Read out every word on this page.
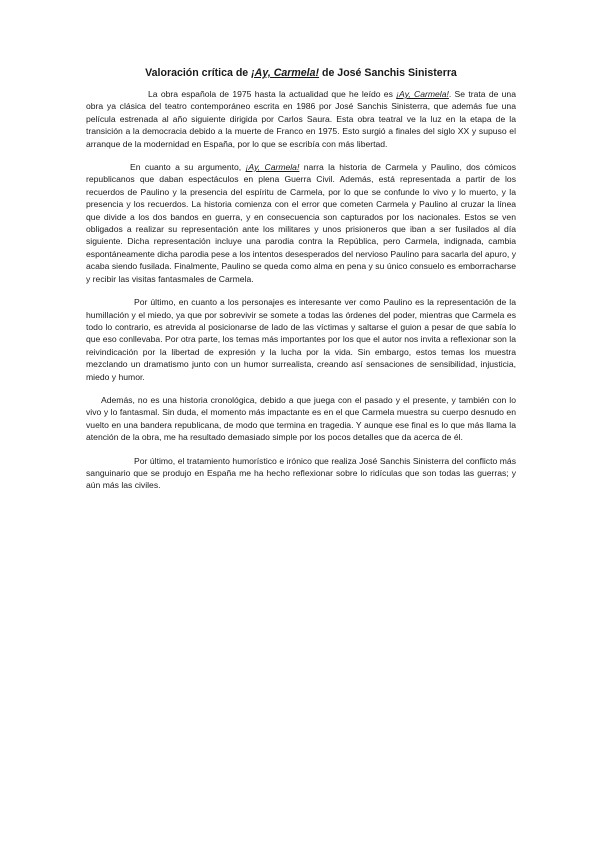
Valoración crítica de ¡Ay, Carmela! de José Sanchis Sinisterra

La obra española de 1975 hasta la actualidad que he leído es ¡Ay, Carmela!. Se trata de una obra ya clásica del teatro contemporáneo escrita en 1986 por José Sanchis Sinisterra, que además fue una película estrenada al año siguiente dirigida por Carlos Saura. Esta obra teatral ve la luz en la etapa de la transición a la democracia debido a la muerte de Franco en 1975. Esto surgió a finales del siglo XX y supuso el arranque de la modernidad en España, por lo que se escribía con más libertad.

En cuanto a su argumento, ¡Ay, Carmela! narra la historia de Carmela y Paulino, dos cómicos republicanos que daban espectáculos en plena Guerra Civil. Además, está representada a partir de los recuerdos de Paulino y la presencia del espíritu de Carmela, por lo que se confunde lo vivo y lo muerto, y la presencia y los recuerdos. La historia comienza con el error que cometen Carmela y Paulino al cruzar la línea que divide a los dos bandos en guerra, y en consecuencia son capturados por los nacionales. Estos se ven obligados a realizar su representación ante los militares y unos prisioneros que iban a ser fusilados al día siguiente. Dicha representación incluye una parodia contra la República, pero Carmela, indignada, cambia espontáneamente dicha parodia pese a los intentos desesperados del nervioso Paulino para sacarla del apuro, y acaba siendo fusilada. Finalmente, Paulino se queda como alma en pena y su único consuelo es emborracharse y recibir las visitas fantasmales de Carmela.

Por último, en cuanto a los personajes es interesante ver como Paulino es la representación de la humillación y el miedo, ya que por sobrevivir se somete a todas las órdenes del poder, mientras que Carmela es todo lo contrario, es atrevida al posicionarse de lado de las víctimas y saltarse el guion a pesar de que sabía lo que eso conllevaba. Por otra parte, los temas más importantes por los que el autor nos invita a reflexionar son la reivindicación por la libertad de expresión y la lucha por la vida. Sin embargo, estos temas los muestra mezclando un dramatismo junto con un humor surrealista, creando así sensaciones de sensibilidad, injusticia, miedo y humor.

Además, no es una historia cronológica, debido a que juega con el pasado y el presente, y también con lo vivo y lo fantasmal. Sin duda, el momento más impactante es en el que Carmela muestra su cuerpo desnudo en vuelto en una bandera republicana, de modo que termina en tragedia. Y aunque ese final es lo que más llama la atención de la obra, me ha resultado demasiado simple por los pocos detalles que da acerca de él.

Por último, el tratamiento humorístico e irónico que realiza José Sanchis Sinisterra del conflicto más sanguinario que se produjo en España me ha hecho reflexionar sobre lo ridículas que son todas las guerras; y aún más las civiles.
